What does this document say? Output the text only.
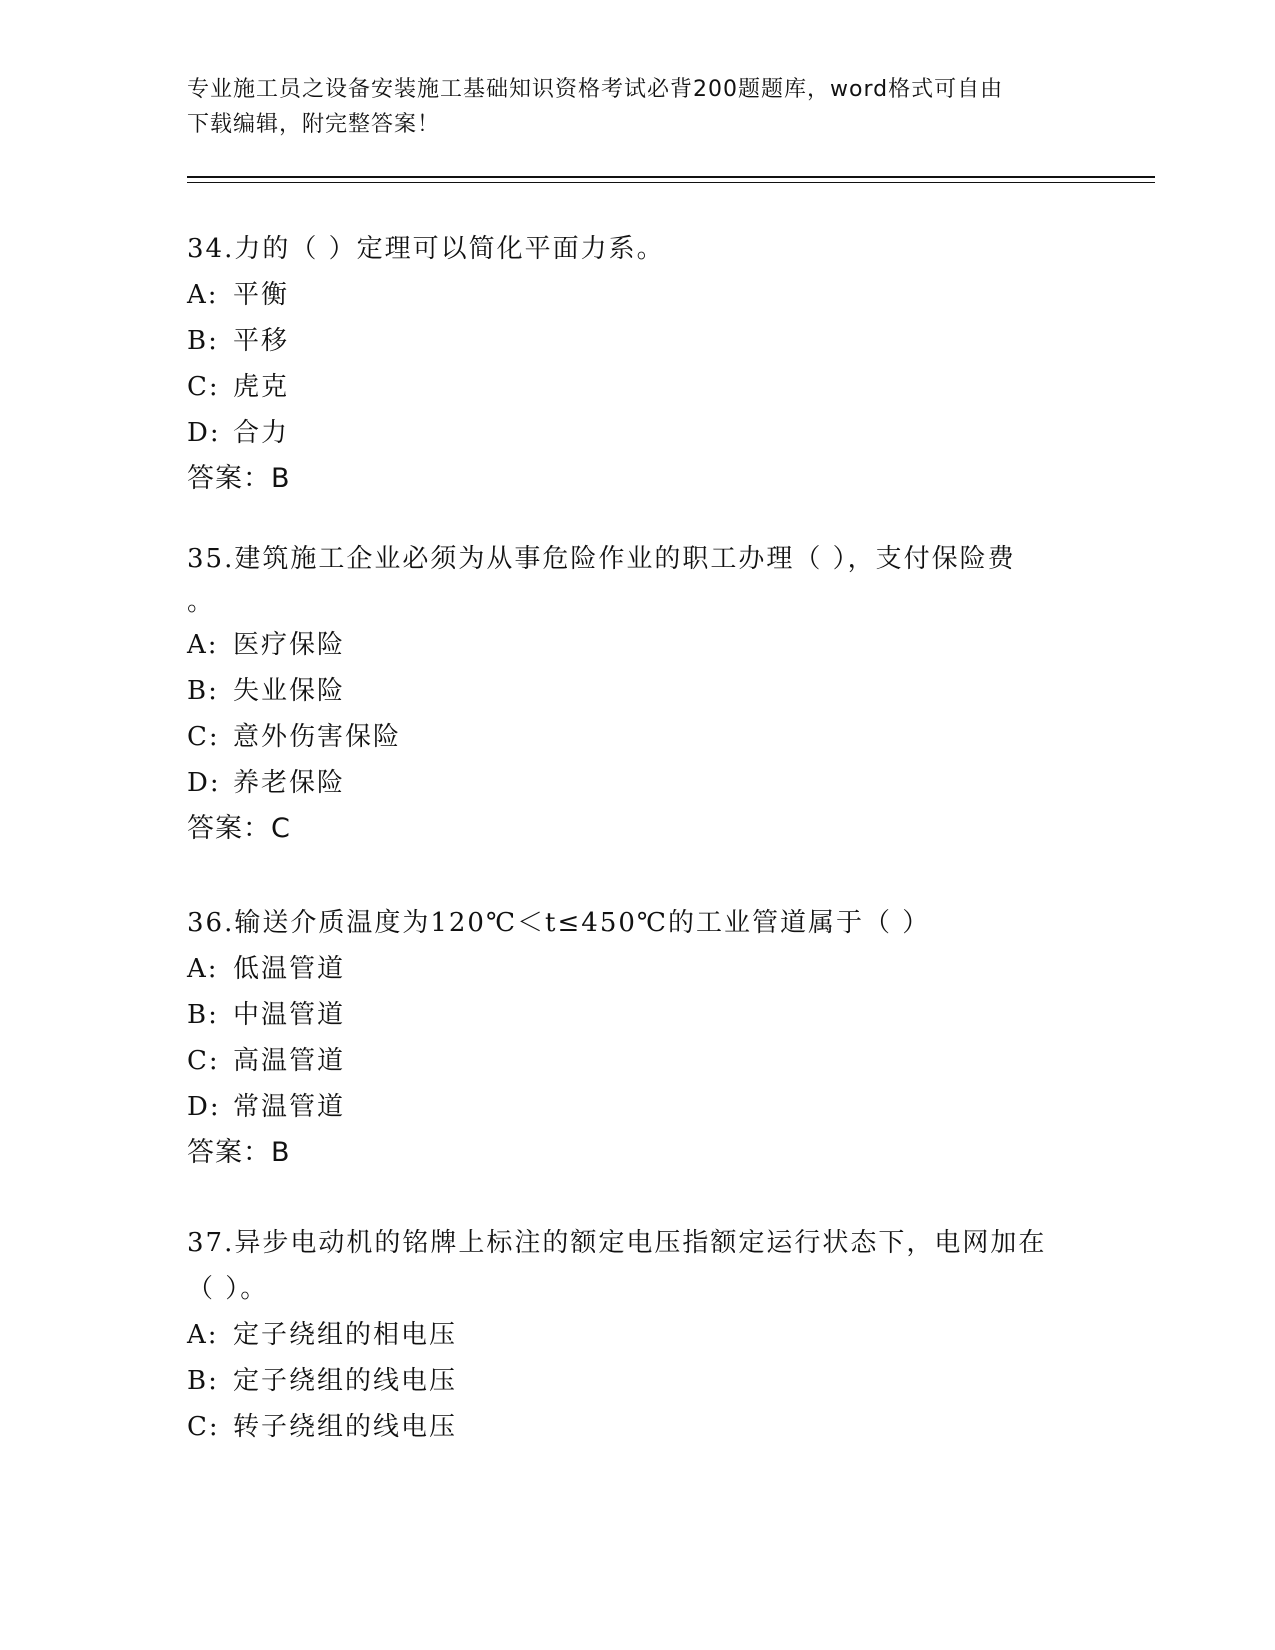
专业施工员之设备安装施工基础知识资格考试必背200题题库，word格式可自由
下载编辑，附完整答案！

34.力的（ ）定理可以简化平面力系。

A: 平衡

B: 平移

C: 虎克

D: 合力

答案：B

35.建筑施工企业必须为从事危险作业的职工办理（ ），支付保险费

。

A: 医疗保险

B: 失业保险

C: 意外伤害保险

D: 养老保险

答案：C

36.输送介质温度为120℃＜t≤450℃的工业管道属于（ ）

A: 低温管道

B: 中温管道

C: 高温管道

D: 常温管道

答案：B

37.异步电动机的铭牌上标注的额定电压指额定运行状态下，电网加在

（ ）。

A: 定子绕组的相电压

B: 定子绕组的线电压

C: 转子绕组的线电压
